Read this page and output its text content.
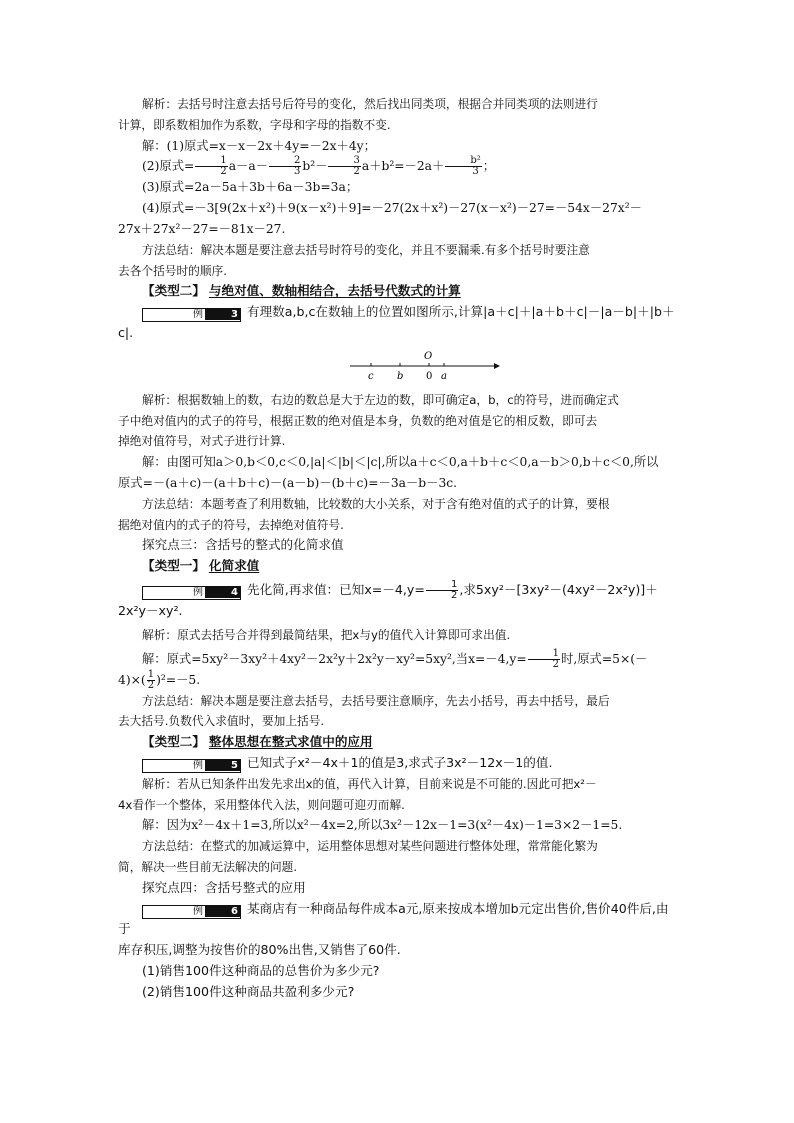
解析：去括号时注意去括号后符号的变化，然后找出同类项，根据合并同类项的法则进行

计算，即系数相加作为系数，字母和字母的指数不变.

解：(1)原式=x－x－2x＋4y=－2x＋4y；

(2)原式= $\frac{1}{2} a-a- \frac{2}{3} b^2- \frac{3}{2} a+b^2=-2a+ \frac{\text{b²}}{3}$ ；

(3)原式=2a－5a＋3b＋6a－3b=3a；

(4)原式=－3[9(2x＋x²)＋9(x－x²)＋9]=－27(2x＋x²)－27(x－x²)－27=－54x－27x²－

27x＋27x²－27=－81x－27.

方法总结：解决本题是要注意去括号时符号的变化，并且不要漏乘.有多个括号时要注意

去各个括号时的顺序.

【类型二】 与绝对值、数轴相结合，去括号代数式的计算

例	3 有理数a,b,c在数轴上的位置如图所示,计算|a＋c|＋|a＋b＋c|－|a－b|＋|b＋c|.

O
c b 0 a

解析：根据数轴上的数，右边的数总是大于左边的数，即可确定a，b，c的符号，进而确定式

子中绝对值内的式子的符号，根据正数的绝对值是本身，负数的绝对值是它的相反数，即可去

掉绝对值符号，对式子进行计算.

解：由图可知a＞0,b＜0,c＜0,|a|＜|b|＜|c|,所以a＋c＜0,a＋b＋c＜0,a－b＞0,b＋c＜0,所以

原式=－(a＋c)－(a＋b＋c)－(a－b)－(b＋c)=－3a－b－3c.

方法总结：本题考查了利用数轴，比较数的大小关系，对于含有绝对值的式子的计算，要根

据绝对值内的式子的符号，去掉绝对值符号.

探究点三：含括号的整式的化简求值

【类型一】 化简求值

例	4 先化简,再求值：已知$x=-4,y= \frac{1}{2}$ ,求5xy²－[3xy²－(4xy²－2x²y)]＋2x²y－xy².

解析：原式去括号合并得到最简结果，把x与y的值代入计算即可求出值.

解：原式=5xy²－3xy²＋4xy²－2x²y＋2x²y－xy²=5xy²,当$x=-4,y= \frac{1}{2}$ 时,原式=5×(－

$4)\times( \frac{1}{2} )^2=-5$.

方法总结：解决本题是要注意去括号，去括号要注意顺序，先去小括号，再去中括号，最后

去大括号.负数代入求值时，要加上括号.

【类型二】 整体思想在整式求值中的应用

例	5 已知式子x²－4x＋1的值是3,求式子3x²－12x－1的值.

解析：若从已知条件出发先求出x的值，再代入计算，目前来说是不可能的.因此可把x²－

4x看作一个整体，采用整体代入法，则问题可迎刃而解.

解：因为x²－4x＋1=3,所以x²－4x=2,所以3x²－12x－1=3(x²－4x)－1=3×2－1=5.

方法总结：在整式的加减运算中，运用整体思想对某些问题进行整体处理，常常能化繁为

简，解决一些目前无法解决的问题.

探究点四：含括号整式的应用

例	6 某商店有一种商品每件成本a元,原来按成本增加b元定出售价,售价40件后,由于

库存积压,调整为按售价的80%出售,又销售了60件.

(1)销售100件这种商品的总售价为多少元?

(2)销售100件这种商品共盈利多少元?
